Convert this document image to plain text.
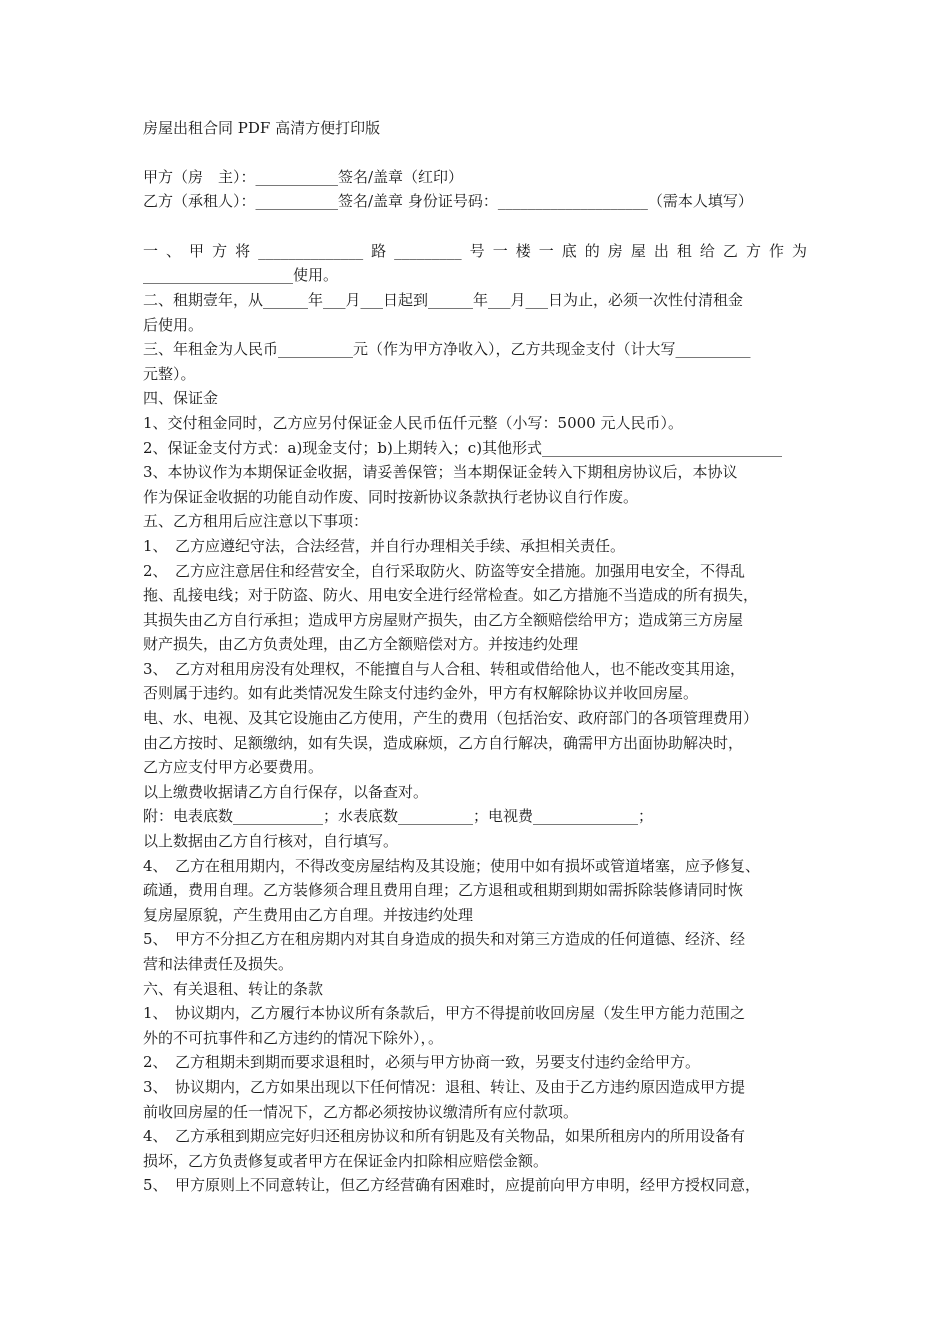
房屋出租合同 PDF 高清方便打印版
甲方（房　主）：___________签名/盖章（红印）
乙方（承租人）：___________签名/盖章 身份证号码：____________________（需本人填写）
一、甲方将______________路_________号一楼一底的房屋出租给乙方作为
____________________使用。
二、租期壹年，从______年___月___日起到______年___月___日为止，必须一次性付清租金
后使用。
三、年租金为人民币__________元（作为甲方净收入），乙方共现金支付（计大写__________
元整）。
四、保证金
1、交付租金同时，乙方应另付保证金人民币伍仟元整（小写：5000 元人民币）。
2、保证金支付方式：a)现金支付；b)上期转入；c)其他形式________________________________
3、本协议作为本期保证金收据，请妥善保管；当本期保证金转入下期租房协议后，本协议
作为保证金收据的功能自动作废、同时按新协议条款执行老协议自行作废。
五、乙方租用后应注意以下事项：
1、　乙方应遵纪守法，合法经营，并自行办理相关手续、承担相关责任。
2、　乙方应注意居住和经营安全，自行采取防火、防盗等安全措施。加强用电安全，不得乱
拖、乱接电线；对于防盗、防火、用电安全进行经常检查。如乙方措施不当造成的所有损失，
其损失由乙方自行承担；造成甲方房屋财产损失，由乙方全额赔偿给甲方；造成第三方房屋
财产损失，由乙方负责处理，由乙方全额赔偿对方。并按违约处理
3、　乙方对租用房没有处理权，不能擅自与人合租、转租或借给他人，也不能改变其用途，
否则属于违约。如有此类情况发生除支付违约金外，甲方有权解除协议并收回房屋。
电、水、电视、及其它设施由乙方使用，产生的费用（包括治安、政府部门的各项管理费用）
由乙方按时、足额缴纳，如有失误，造成麻烦，乙方自行解决，确需甲方出面协助解决时，
乙方应支付甲方必要费用。
以上缴费收据请乙方自行保存，以备查对。
附：电表底数____________；水表底数__________；电视费______________；
以上数据由乙方自行核对，自行填写。
4、　乙方在租用期内，不得改变房屋结构及其设施；使用中如有损坏或管道堵塞，应予修复、
疏通，费用自理。乙方装修须合理且费用自理；乙方退租或租期到期如需拆除装修请同时恢
复房屋原貌，产生费用由乙方自理。并按违约处理
5、　甲方不分担乙方在租房期内对其自身造成的损失和对第三方造成的任何道德、经济、经
营和法律责任及损失。
六、有关退租、转让的条款
1、　协议期内，乙方履行本协议所有条款后，甲方不得提前收回房屋（发生甲方能力范围之
外的不可抗事件和乙方违约的情况下除外），。
2、　乙方租期未到期而要求退租时，必须与甲方协商一致，另要支付违约金给甲方。
3、　协议期内，乙方如果出现以下任何情况：退租、转让、及由于乙方违约原因造成甲方提
前收回房屋的任一情况下，乙方都必须按协议缴清所有应付款项。
4、　乙方承租到期应完好归还租房协议和所有钥匙及有关物品，如果所租房内的所用设备有
损坏，乙方负责修复或者甲方在保证金内扣除相应赔偿金额。
5、　甲方原则上不同意转让，但乙方经营确有困难时，应提前向甲方申明，经甲方授权同意，
